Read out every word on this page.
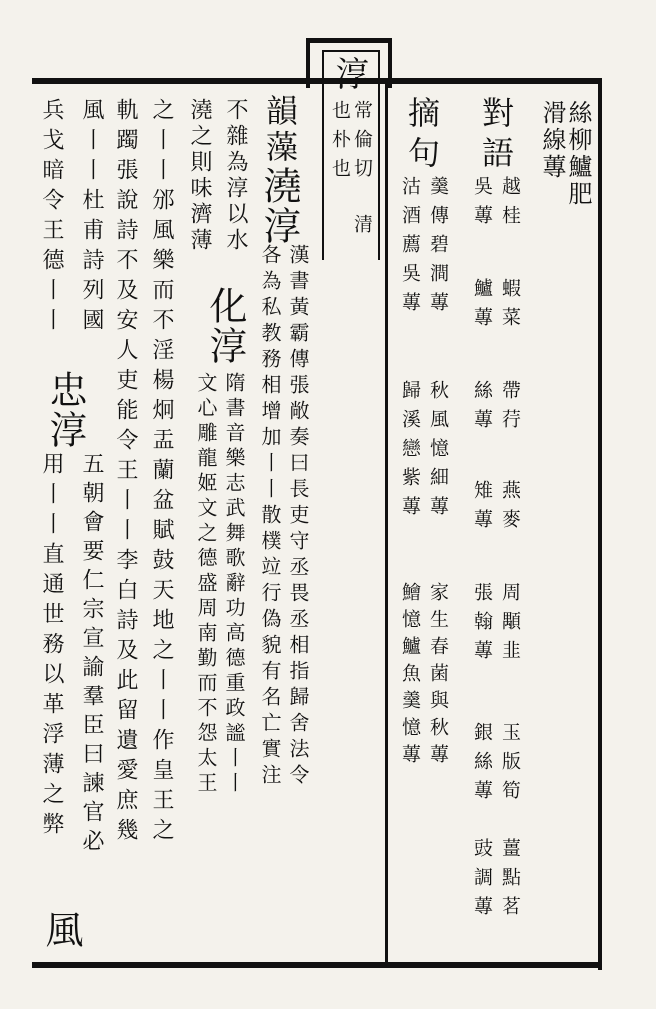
淳
常倫切
也朴也
清
絲柳鱸肥
滑線蓴
對語
越桂
吳蓴
蝦菜
鱸蓴
帶荇
絲蓴
燕麥
雉蓴
周顒韭
張翰蓴
玉版筍
銀絲蓴
薑點茗
豉調蓴
摘句
羹傳碧澗蓴
沽酒薦吳蓴
秋風憶細蓴
歸溪戀紫蓴
家生春菌與秋蓴
鱠憶鱸魚羹憶蓴
韻藻
澆淳
漢書黃霸傳張敞奏曰長吏守丞畏丞相指歸舍法令
各為私教務相增加丨丨散樸竝行偽貌有名亡實注
不雜為淳以水
化淳
隋書音樂志武舞歌辭功高德重政謐丨丨
澆之則味濟薄
文心雕龍姬文之德盛周南勤而不怨太王
之丨丨邠風樂而不淫楊炯盂蘭盆賦鼓天地之丨丨作皇王之
軌躅張說詩不及安人吏能令王丨丨李白詩及此留遺愛庶幾
風丨丨杜甫詩列國
忠淳
五朝會要仁宗宣諭羣臣曰諫官必
兵戈暗令王德丨丨
用丨丨直通世務以革浮薄之弊
風
